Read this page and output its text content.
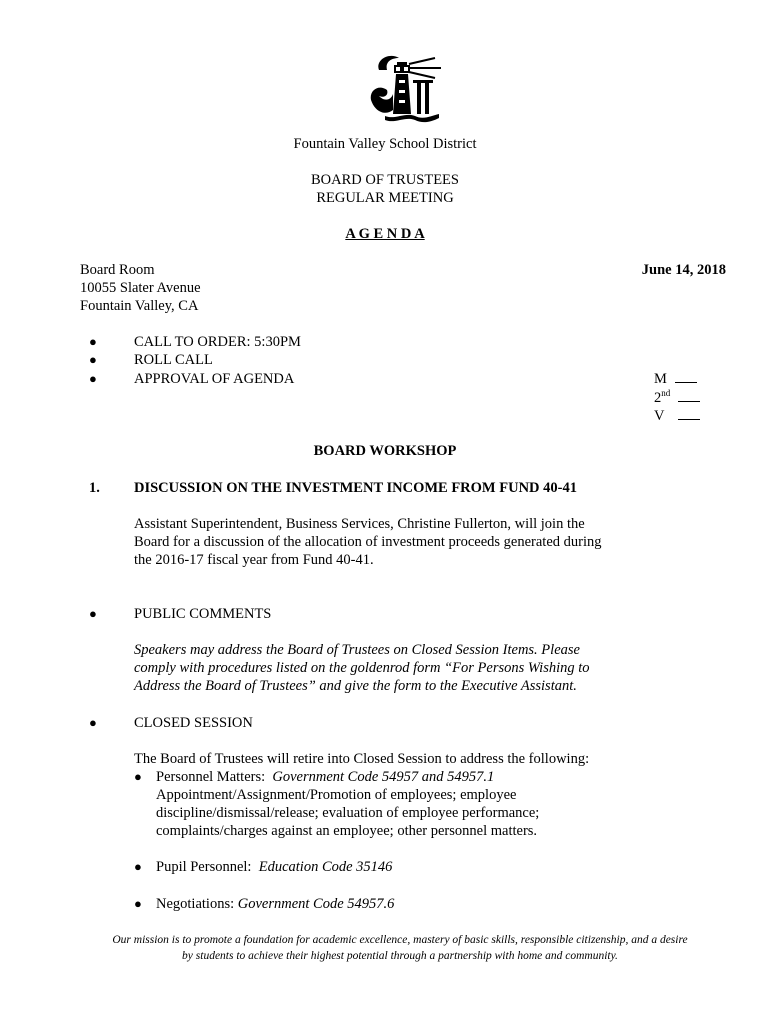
Fountain Valley School District
BOARD OF TRUSTEES
REGULAR MEETING
A G E N D A
Board Room
10055 Slater Avenue
Fountain Valley, CA
June 14, 2018
●	CALL TO ORDER: 5:30PM
●	ROLL CALL
●	APPROVAL OF AGENDA	M
2nd
V
BOARD WORKSHOP
1. DISCUSSION ON THE INVESTMENT INCOME FROM FUND 40-41
Assistant Superintendent, Business Services, Christine Fullerton, will join the
Board for a discussion of the allocation of investment proceeds generated during
the 2016-17 fiscal year from Fund 40-41.
●	PUBLIC COMMENTS
Speakers may address the Board of Trustees on Closed Session Items. Please
comply with procedures listed on the goldenrod form “For Persons Wishing to
Address the Board of Trustees” and give the form to the Executive Assistant.
●	CLOSED SESSION
The Board of Trustees will retire into Closed Session to address the following:
● Personnel Matters:  Government Code 54957 and 54957.1
Appointment/Assignment/Promotion of employees; employee
discipline/dismissal/release; evaluation of employee performance;
complaints/charges against an employee; other personnel matters.
● Pupil Personnel:  Education Code 35146
● Negotiations: Government Code 54957.6
Our mission is to promote a foundation for academic excellence, mastery of basic skills, responsible citizenship, and a desire
by students to achieve their highest potential through a partnership with home and community.
